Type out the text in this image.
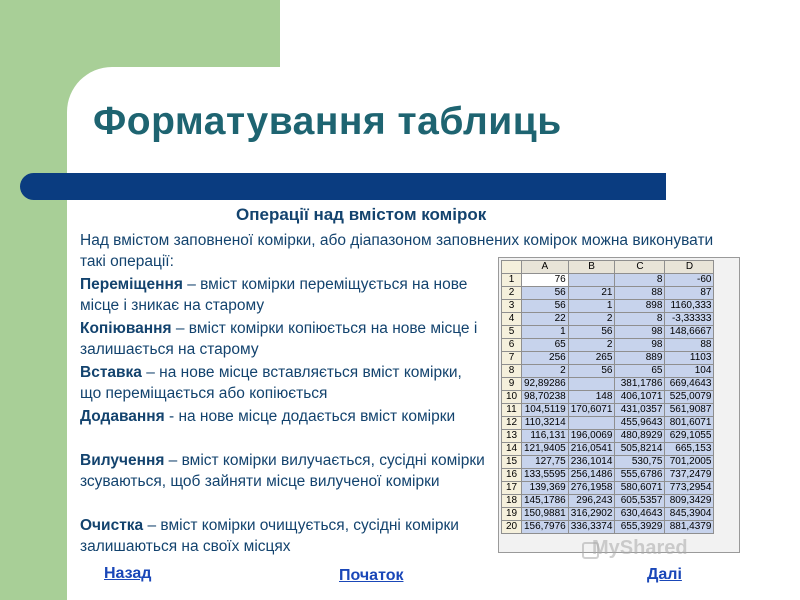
Форматування таблиць
Операції над вмістом комірок

Над вмістом заповненої комірки, або діапазоном заповнених комірок можна виконувати такі операції:

Переміщення – вміст комірки переміщується на нове місце і зникає на старому

Копіювання – вміст комірки копіюється на нове місце і залишається на старому

Вставка – на нове місце вставляється вміст комірки, що переміщається або копіюється

Додавання - на нове місце додається вміст комірки

Вилучення – вміст комірки вилучається, сусідні комірки зсуваються, щоб зайняти місце вилученої комірки

Очистка – вміст комірки очищується, сусідні комірки залишаються на своїх місцях

	A	B	C	D
1	76		8	-60
2	56	21	88	87
3	56	1	898	1160,333
4	22	2	8	-3,33333
5	1	56	98	148,6667
6	65	2	98	88
7	256	265	889	1103
8	2	56	65	104
9	92,89286		381,1786	669,4643
10	98,70238	148	406,1071	525,0079
11	104,5119	170,6071	431,0357	561,9087
12	110,3214		455,9643	801,6071
13	116,131	196,0069	480,8929	629,1055
14	121,9405	216,0541	505,8214	665,153
15	127,75	236,1014	530,75	701,2005
16	133,5595	256,1486	555,6786	737,2479
17	139,369	276,1958	580,6071	773,2954
18	145,1786	296,243	605,5357	809,3429
19	150,9881	316,2902	630,4643	845,3904
20	156,7976	336,3374	655,3929	881,4379
MyShared
Назад	Початок	Далі
